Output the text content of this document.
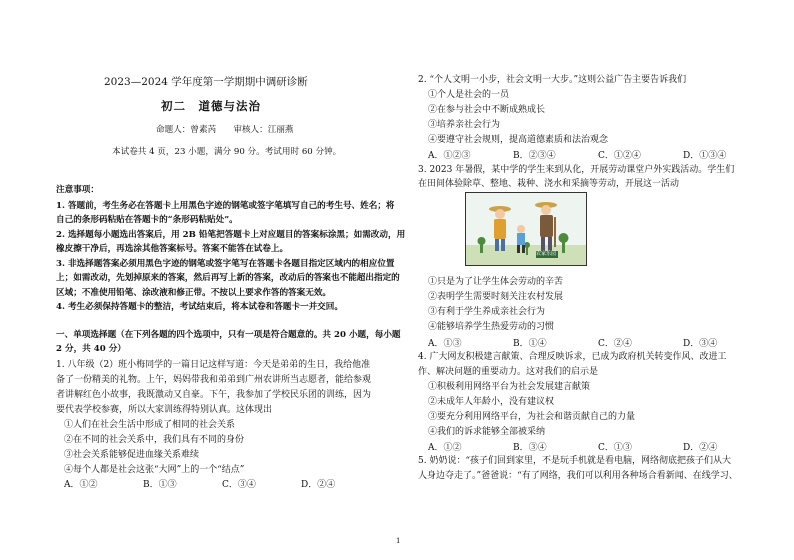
2023—2024 学年度第一学期期中调研诊断
初二　道德与法治
命题人：曾素芮　　审核人：江丽燕
本试卷共 4 页，23 小题，满分 90 分。考试用时 60 分钟。
注意事项：
1. 答题前，考生务必在答题卡上用黑色字迹的钢笔或签字笔填写自己的考生号、姓名；将
自己的条形码粘贴在答题卡的“条形码粘贴处”。
2. 选择题每小题选出答案后，用 2B 铅笔把答题卡上对应题目的答案标涂黑；如需改动，用
橡皮擦干净后，再选涂其他答案标号。答案不能答在试卷上。
3. 非选择题答案必须用黑色字迹的钢笔或签字笔写在答题卡各题目指定区域内的相应位置
上；如需改动，先划掉原来的答案，然后再写上新的答案，改动后的答案也不能超出指定的
区域；不准使用铅笔、涂改液和修正带。不按以上要求作答的答案无效。
4. 考生必须保持答题卡的整洁，考试结束后，将本试卷和答题卡一并交回。
一、单项选择题（在下列各题的四个选项中，只有一项是符合题意的。共 20 小题，每小题
2 分，共 40 分）
1. 八年级（2）班小梅同学的一篇日记这样写道：今天是弟弟的生日，我给他准
备了一份精美的礼物。上午，妈妈带我和弟弟到广州农讲所当志愿者，能给参观
者讲解红色小故事，我既激动又自豪。下午，我参加了学校民乐团的训练，因为
要代表学校参赛，所以大家训练得特别认真。这体现出
①人们在社会生活中形成了相同的社会关系
②在不同的社会关系中，我们具有不同的身份
③社会关系能够促进血缘关系难续
④每个人都是社会这张“大网”上的一个“结点”
A．①②	B．①③	C．③④	D．②④
2. “个人文明一小步，社会文明一大步。”这则公益广告主要告诉我们
①个人是社会的一员
②在参与社会中不断成熟成长
③培养亲社会行为
④要遵守社会规则，提高道德素质和法治观念
A．①②③	B．②③④	C．①②④	D．①③④
3. 2023 年暑假，某中学的学生来到从化，开展劳动课堂户外实践活动。学生们
在田间体验除草、整地、栽种、浇水和采摘等劳动，开展这一活动
农家乐园
①只是为了让学生体会劳动的辛苦
②表明学生需要时刻关注农村发展
③有利于学生养成亲社会行为
④能够培养学生热爱劳动的习惯
A．①③	B．①④	C．②④	D．③④
4. 广大网友积极建言献策、合理反映诉求，已成为政府机关转变作风、改进工
作、解决问题的重要动力。这对我们的启示是
①积极利用网络平台为社会发展建言献策
②未成年人年龄小，没有建议权
③要充分利用网络平台，为社会和谐贡献自己的力量
④我们的诉求能够全部被采纳
A．①②	B．③④	C．①③	D．②④
5. 奶奶说：“孩子们回到家里，不是玩手机就是看电脑，网络彻底把孩子们从大
人身边夺走了。”爸爸说：“有了网络，我们可以利用各种场合看新闻、在线学习、
1
